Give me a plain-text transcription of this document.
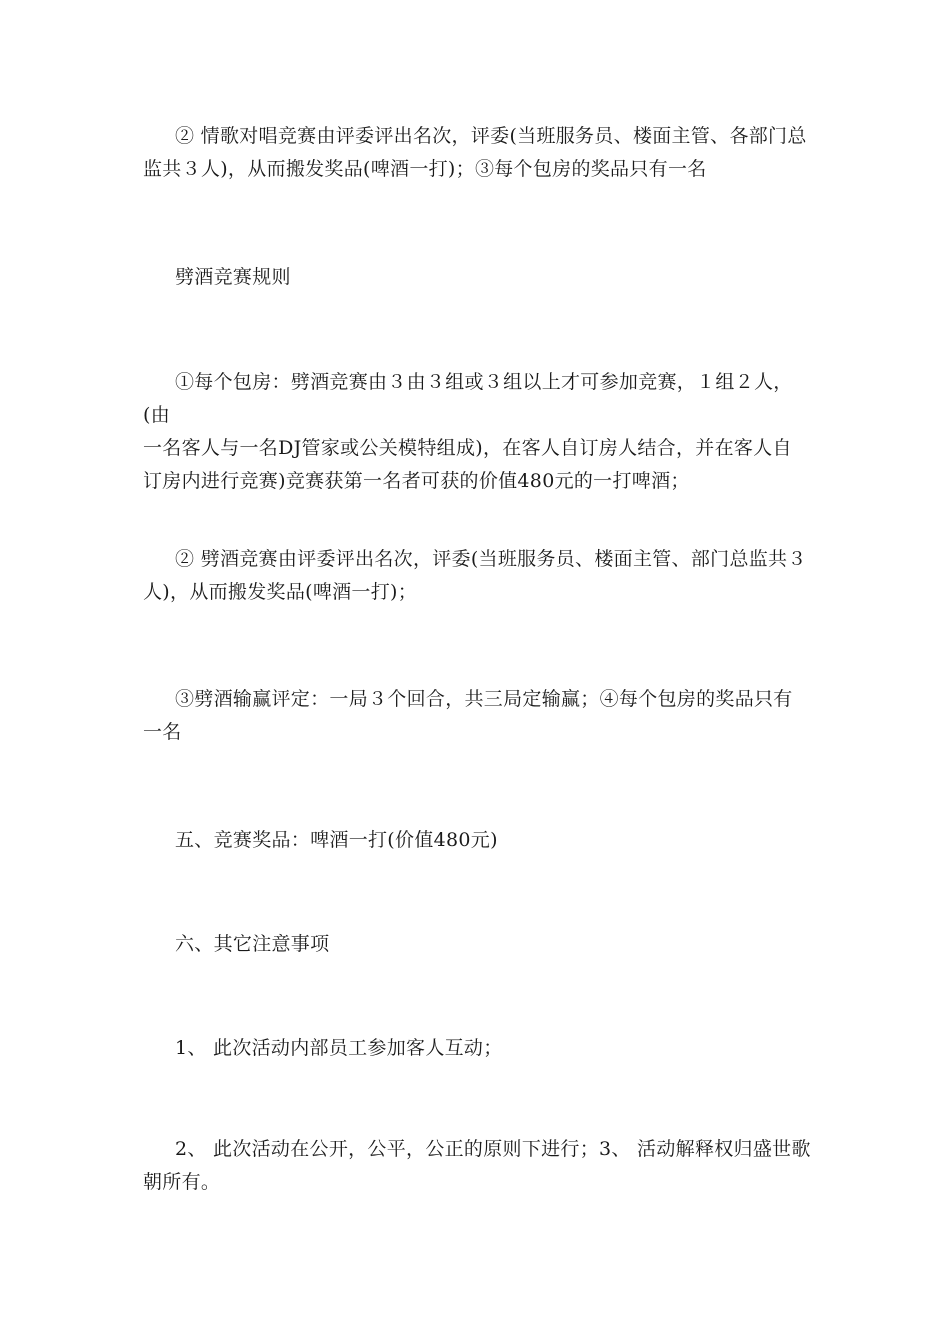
② 情歌对唱竞赛由评委评出名次，评委(当班服务员、楼面主管、各部门总
监共３人)，从而搬发奖品(啤酒一打)；③每个包房的奖品只有一名
劈酒竞赛规则
①每个包房：劈酒竞赛由３由３组或３组以上才可参加竞赛，１组２人，(由
一名客人与一名DJ管家或公关模特组成)，在客人自订房人结合，并在客人自
订房内进行竞赛)竞赛获第一名者可获的价值480元的一打啤酒；
② 劈酒竞赛由评委评出名次，评委(当班服务员、楼面主管、部门总监共３
人)，从而搬发奖品(啤酒一打)；
③劈酒输赢评定：一局３个回合，共三局定输赢；④每个包房的奖品只有
一名
五、竞赛奖品：啤酒一打(价值480元)
六、其它注意事项
1、 此次活动内部员工参加客人互动；
2、 此次活动在公开，公平，公正的原则下进行；3、 活动解释权归盛世歌
朝所有。
